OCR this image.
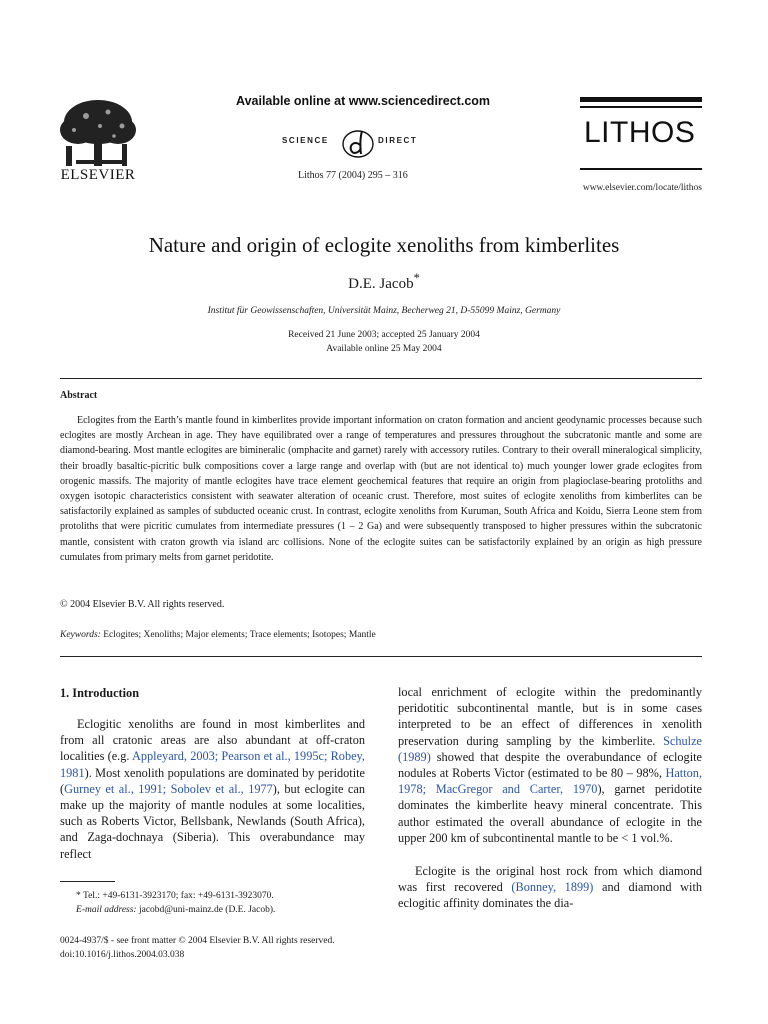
ELSEVIER
Available online at www.sciencedirect.com
SCIENCE	DIRECT
Lithos 77 (2004) 295 – 316
LITHOS
www.elsevier.com/locate/lithos
Nature and origin of eclogite xenoliths from kimberlites
D.E. Jacob*
Institut für Geowissenschaften, Universität Mainz, Becherweg 21, D-55099 Mainz, Germany
Received 21 June 2003; accepted 25 January 2004
Available online 25 May 2004
Abstract
Eclogites from the Earth’s mantle found in kimberlites provide important information on craton formation and ancient geodynamic processes because such eclogites are mostly Archean in age. They have equilibrated over a range of temperatures and pressures throughout the subcratonic mantle and some are diamond-bearing. Most mantle eclogites are bimineralic (omphacite and garnet) rarely with accessory rutiles. Contrary to their overall mineralogical simplicity, their broadly basaltic-picritic bulk compositions cover a large range and overlap with (but are not identical to) much younger lower grade eclogites from orogenic massifs. The majority of mantle eclogites have trace element geochemical features that require an origin from plagioclase-bearing protoliths and oxygen isotopic characteristics consistent with seawater alteration of oceanic crust. Therefore, most suites of eclogite xenoliths from kimberlites can be satisfactorily explained as samples of subducted oceanic crust. In contrast, eclogite xenoliths from Kuruman, South Africa and Koidu, Sierra Leone stem from protoliths that were picritic cumulates from intermediate pressures (1 – 2 Ga) and were subsequently transposed to higher pressures within the subcratonic mantle, consistent with craton growth via island arc collisions. None of the eclogite suites can be satisfactorily explained by an origin as high pressure cumulates from primary melts from garnet peridotite.
© 2004 Elsevier B.V. All rights reserved.
Keywords: Eclogites; Xenoliths; Major elements; Trace elements; Isotopes; Mantle
1. Introduction
Eclogitic xenoliths are found in most kimberlites and from all cratonic areas are also abundant at off-craton localities (e.g. Appleyard, 2003; Pearson et al., 1995c; Robey, 1981). Most xenolith populations are dominated by peridotite (Gurney et al., 1991; Sobolev et al., 1977), but eclogite can make up the majority of mantle nodules at some localities, such as Roberts Victor, Bellsbank, Newlands (South Africa), and Zaga-dochnaya (Siberia). This overabundance may reflect
local enrichment of eclogite within the predominantly peridotitic subcontinental mantle, but is in some cases interpreted to be an effect of differences in xenolith preservation during sampling by the kimberlite. Schulze (1989) showed that despite the overabundance of eclogite nodules at Roberts Victor (estimated to be 80 – 98%, Hatton, 1978; MacGregor and Carter, 1970), garnet peridotite dominates the kimberlite heavy mineral concentrate. This author estimated the overall abundance of eclogite in the upper 200 km of subcontinental mantle to be < 1 vol.%.
Eclogite is the original host rock from which diamond was first recovered (Bonney, 1899) and diamond with eclogitic affinity dominates the dia-
* Tel.: +49-6131-3923170; fax: +49-6131-3923070.
E-mail address: jacobd@uni-mainz.de (D.E. Jacob).
0024-4937/$ - see front matter © 2004 Elsevier B.V. All rights reserved.
doi:10.1016/j.lithos.2004.03.038
